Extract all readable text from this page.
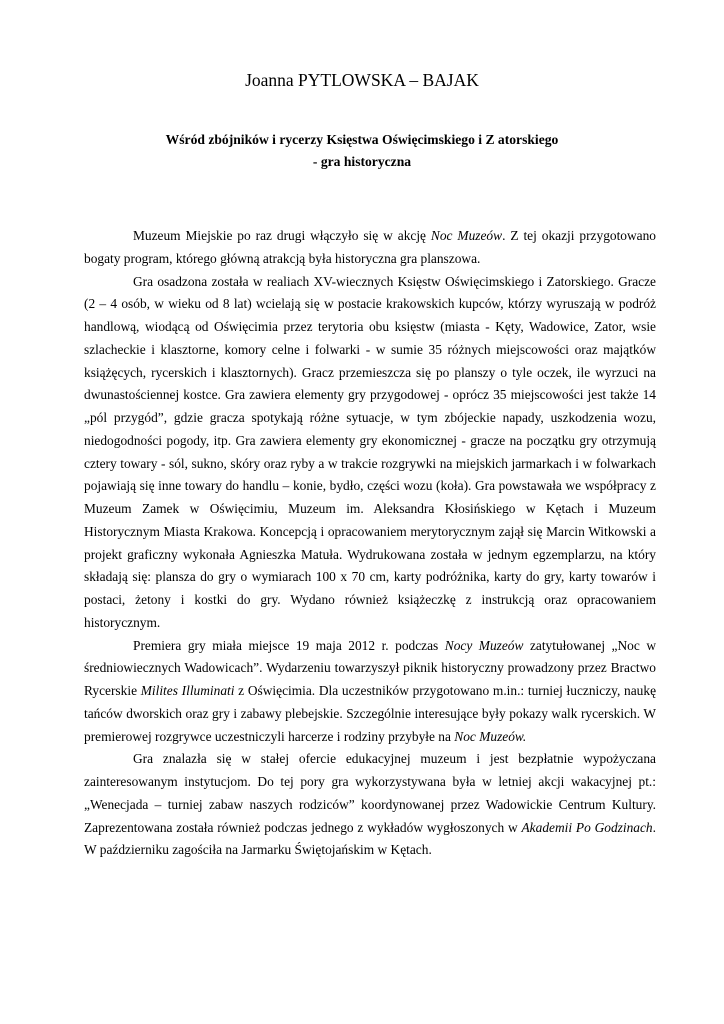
Joanna PYTLOWSKA – BAJAK
Wśród zbójników i rycerzy Księstwa Oświęcimskiego i Z atorskiego
- gra historyczna

Muzeum Miejskie po raz drugi włączyło się w akcję Noc Muzeów. Z tej okazji przygotowano bogaty program, którego główną atrakcją była historyczna gra planszowa.

Gra osadzona została w realiach XV-wiecznych Księstw Oświęcimskiego i Zatorskiego. Gracze (2 – 4 osób, w wieku od 8 lat) wcielają się w postacie krakowskich kupców, którzy wyruszają w podróż handlową, wiodącą od Oświęcimia przez terytoria obu księstw (miasta - Kęty, Wadowice, Zator, wsie szlacheckie i klasztorne, komory celne i folwarki - w sumie 35 różnych miejscowości oraz majątków książęcych, rycerskich i klasztornych). Gracz przemieszcza się po planszy o tyle oczek, ile wyrzuci na dwunastościennej kostce. Gra zawiera elementy gry przygodowej - oprócz 35 miejscowości jest także 14 „pól przygód”, gdzie gracza spotykają różne sytuacje, w tym zbójeckie napady, uszkodzenia wozu, niedogodności pogody, itp. Gra zawiera elementy gry ekonomicznej - gracze na początku gry otrzymują cztery towary - sól, sukno, skóry oraz ryby a w trakcie rozgrywki na miejskich jarmarkach i w folwarkach pojawiają się inne towary do handlu – konie, bydło, części wozu (koła). Gra powstawała we współpracy z Muzeum Zamek w Oświęcimiu, Muzeum im. Aleksandra Kłosińskiego w Kętach i Muzeum Historycznym Miasta Krakowa. Koncepcją i opracowaniem merytorycznym zajął się Marcin Witkowski a projekt graficzny wykonała Agnieszka Matuła. Wydrukowana została w jednym egzemplarzu, na który składają się: plansza do gry o wymiarach 100 x 70 cm, karty podróżnika, karty do gry, karty towarów i postaci, żetony i kostki do gry. Wydano również książeczkę z instrukcją oraz opracowaniem historycznym.

Premiera gry miała miejsce 19 maja 2012 r. podczas Nocy Muzeów zatytułowanej „Noc w średniowiecznych Wadowicach”. Wydarzeniu towarzyszył piknik historyczny prowadzony przez Bractwo Rycerskie Milites Illuminati z Oświęcimia. Dla uczestników przygotowano m.in.: turniej łuczniczy, naukę tańców dworskich oraz gry i zabawy plebejskie. Szczególnie interesujące były pokazy walk rycerskich. W premierowej rozgrywce uczestniczyli harcerze i rodziny przybyłe na Noc Muzeów.

Gra znalazła się w stałej ofercie edukacyjnej muzeum i jest bezpłatnie wypożyczana zainteresowanym instytucjom. Do tej pory gra wykorzystywana była w letniej akcji wakacyjnej pt.: „Wenecjada – turniej zabaw naszych rodziców” koordynowanej przez Wadowickie Centrum Kultury. Zaprezentowana została również podczas jednego z wykładów wygłoszonych w Akademii Po Godzinach. W październiku zagościła na Jarmarku Świętojańskim w Kętach.
